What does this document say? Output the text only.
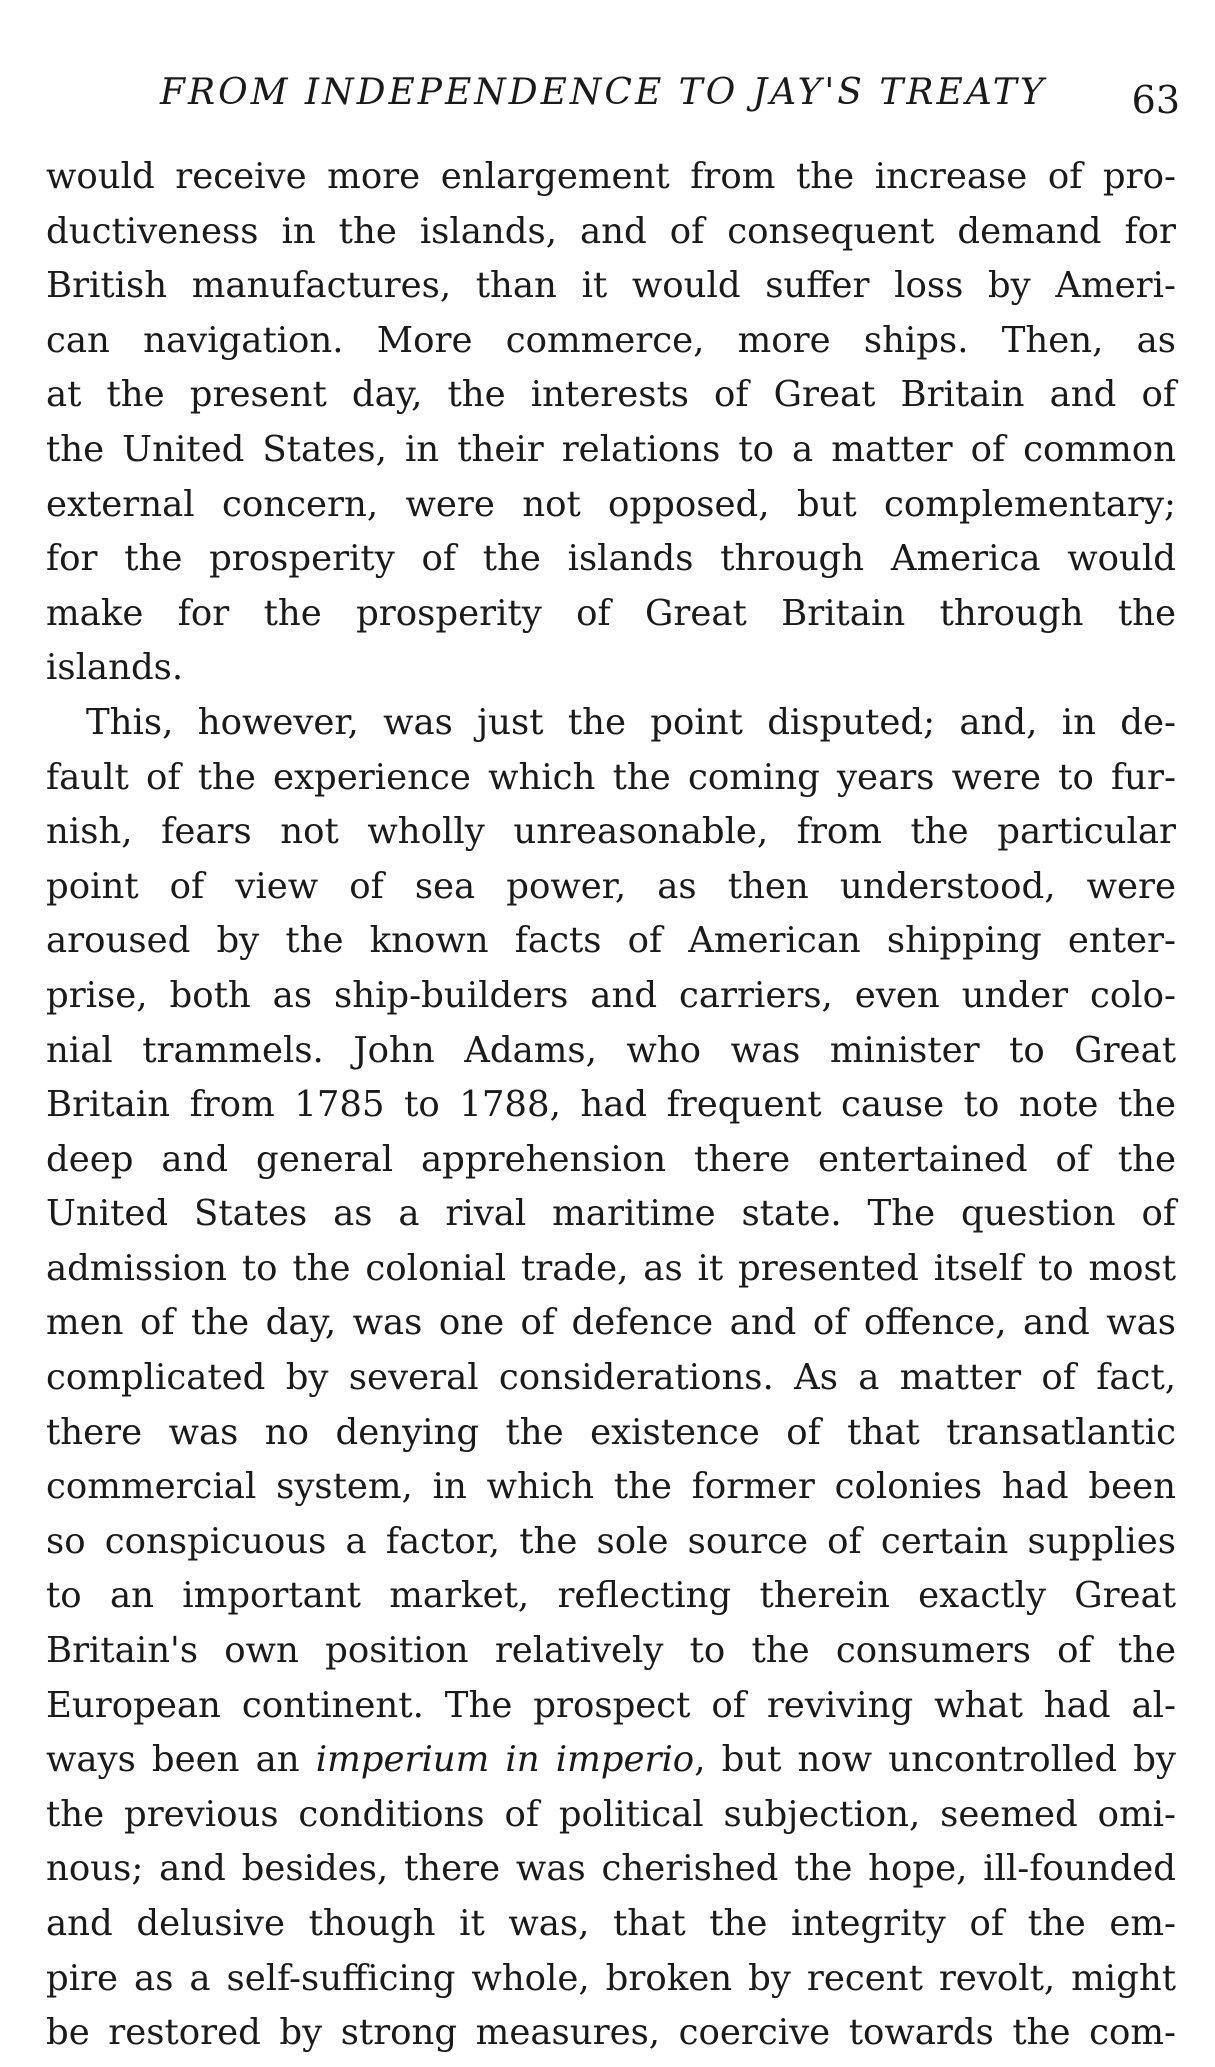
FROM INDEPENDENCE TO JAY'S TREATY 63
would receive more enlargement from the increase of pro-
ductiveness in the islands, and of consequent demand for
British manufactures, than it would suffer loss by Ameri-
can navigation. More commerce, more ships. Then, as
at the present day, the interests of Great Britain and of
the United States, in their relations to a matter of common
external concern, were not opposed, but complementary;
for the prosperity of the islands through America would
make for the prosperity of Great Britain through the
islands.
This, however, was just the point disputed; and, in de-
fault of the experience which the coming years were to fur-
nish, fears not wholly unreasonable, from the particular
point of view of sea power, as then understood, were
aroused by the known facts of American shipping enter-
prise, both as ship-builders and carriers, even under colo-
nial trammels. John Adams, who was minister to Great
Britain from 1785 to 1788, had frequent cause to note the
deep and general apprehension there entertained of the
United States as a rival maritime state. The question of
admission to the colonial trade, as it presented itself to most
men of the day, was one of defence and of offence, and was
complicated by several considerations. As a matter of fact,
there was no denying the existence of that transatlantic
commercial system, in which the former colonies had been
so conspicuous a factor, the sole source of certain supplies
to an important market, reflecting therein exactly Great
Britain's own position relatively to the consumers of the
European continent. The prospect of reviving what had al-
ways been an imperium in imperio, but now uncontrolled by
the previous conditions of political subjection, seemed omi-
nous; and besides, there was cherished the hope, ill-founded
and delusive though it was, that the integrity of the em-
pire as a self-sufficing whole, broken by recent revolt, might
be restored by strong measures, coercive towards the com-
